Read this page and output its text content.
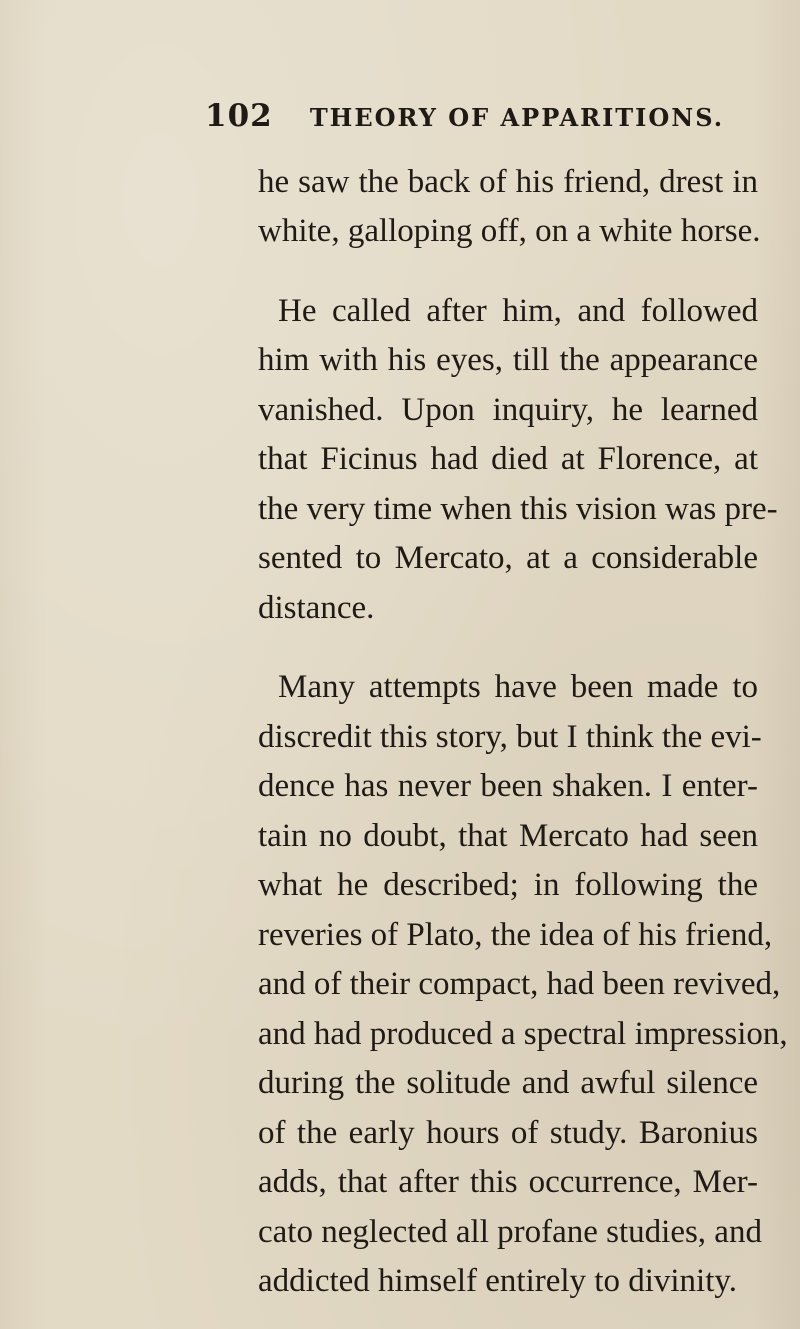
102 THEORY OF APPARITIONS.
he saw the back of his friend, drest in
white, galloping off, on a white horse.
He called after him, and followed
him with his eyes, till the appearance
vanished. Upon inquiry, he learned
that Ficinus had died at Florence, at
the very time when this vision was pre-
sented to Mercato, at a considerable
distance.
Many attempts have been made to
discredit this story, but I think the evi-
dence has never been shaken. I enter-
tain no doubt, that Mercato had seen
what he described; in following the
reveries of Plato, the idea of his friend,
and of their compact, had been revived,
and had produced a spectral impression,
during the solitude and awful silence
of the early hours of study. Baronius
adds, that after this occurrence, Mer-
cato neglected all profane studies, and
addicted himself entirely to divinity.
